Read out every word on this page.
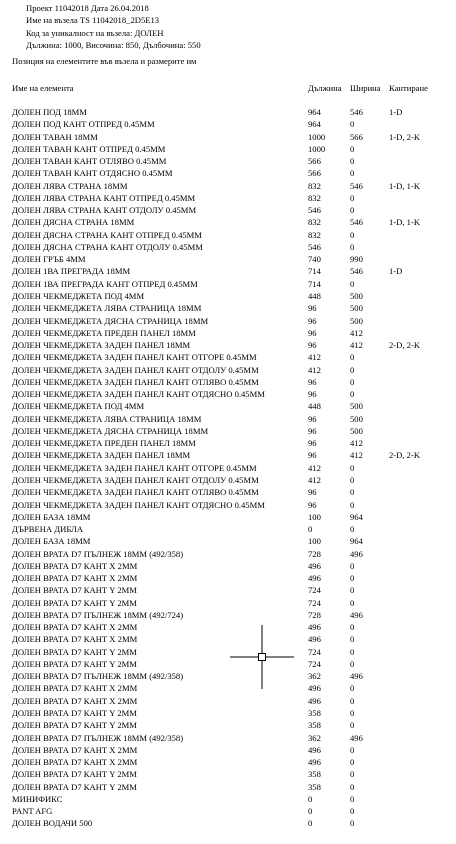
Проект 11042018 Дата 26.04.2018
Име на възела TS 11042018_2D5E13
Код за уникалност на възела: ДОЛЕН
Дължина: 1000, Височина: 850, Дълбочина: 550
Позиция на елементите във възела и размерите им
Име на елемента	Дължина Ширина Кантиране
ДОЛЕН ПОД 18ММ	964	546	1-D
ДОЛЕН ПОД КАНТ ОТПРЕД 0.45ММ	964	0
ДОЛЕН ТАВАН 18ММ	1000	566	1-D, 2-K
ДОЛЕН ТАВАН КАНТ ОТПРЕД 0.45ММ	1000	0
ДОЛЕН ТАВАН КАНТ ОТЛЯВО 0.45ММ	566	0
ДОЛЕН ТАВАН КАНТ ОТДЯСНО 0.45ММ	566	0
ДОЛЕН ЛЯВА СТРАНА 18ММ	832	546	1-D, 1-K
ДОЛЕН ЛЯВА СТРАНА КАНТ ОТПРЕД 0.45ММ	832	0
ДОЛЕН ЛЯВА СТРАНА КАНТ ОТДОЛУ 0.45ММ	546	0
ДОЛЕН ДЯСНА СТРАНА 18ММ	832	546	1-D, 1-K
ДОЛЕН ДЯСНА СТРАНА КАНТ ОТПРЕД 0.45ММ	832	0
ДОЛЕН ДЯСНА СТРАНА КАНТ ОТДОЛУ 0.45ММ	546	0
ДОЛЕН ГРЪБ 4ММ	740	990
ДОЛЕН 1ВА ПРЕГРАДА 18ММ	714	546	1-D
ДОЛЕН 1ВА ПРЕГРАДА КАНТ ОТПРЕД 0.45ММ	714	0
ДОЛЕН ЧЕКМЕДЖЕТА ПОД 4ММ	448	500
ДОЛЕН ЧЕКМЕДЖЕТА ЛЯВА СТРАНИЦА 18ММ	96	500
ДОЛЕН ЧЕКМЕДЖЕТА ДЯСНА СТРАНИЦА 18ММ	96	500
ДОЛЕН ЧЕКМЕДЖЕТА ПРЕДЕН ПАНЕЛ 18ММ	96	412
ДОЛЕН ЧЕКМЕДЖЕТА ЗАДЕН ПАНЕЛ 18ММ	96	412	2-D, 2-K
ДОЛЕН ЧЕКМЕДЖЕТА ЗАДЕН ПАНЕЛ КАНТ ОТГОРЕ 0.45ММ	412	0
ДОЛЕН ЧЕКМЕДЖЕТА ЗАДЕН ПАНЕЛ КАНТ ОТДОЛУ 0.45ММ	412	0
ДОЛЕН ЧЕКМЕДЖЕТА ЗАДЕН ПАНЕЛ КАНТ ОТЛЯВО 0.45ММ	96	0
ДОЛЕН ЧЕКМЕДЖЕТА ЗАДЕН ПАНЕЛ КАНТ ОТДЯСНО 0.45ММ	96	0
ДОЛЕН ЧЕКМЕДЖЕТА ПОД 4ММ	448	500
ДОЛЕН ЧЕКМЕДЖЕТА ЛЯВА СТРАНИЦА 18ММ	96	500
ДОЛЕН ЧЕКМЕДЖЕТА ДЯСНА СТРАНИЦА 18ММ	96	500
ДОЛЕН ЧЕКМЕДЖЕТА ПРЕДЕН ПАНЕЛ 18ММ	96	412
ДОЛЕН ЧЕКМЕДЖЕТА ЗАДЕН ПАНЕЛ 18ММ	96	412	2-D, 2-K
ДОЛЕН ЧЕКМЕДЖЕТА ЗАДЕН ПАНЕЛ КАНТ ОТГОРЕ 0.45ММ	412	0
ДОЛЕН ЧЕКМЕДЖЕТА ЗАДЕН ПАНЕЛ КАНТ ОТДОЛУ 0.45ММ	412	0
ДОЛЕН ЧЕКМЕДЖЕТА ЗАДЕН ПАНЕЛ КАНТ ОТЛЯВО 0.45ММ	96	0
ДОЛЕН ЧЕКМЕДЖЕТА ЗАДЕН ПАНЕЛ КАНТ ОТДЯСНО 0.45ММ	96	0
ДОЛЕН БАЗА 18ММ	100	964
ДЪРВЕНА ДИБЛА	0	0
ДОЛЕН БАЗА 18ММ	100	964
ДОЛЕН ВРАТА D7 ПЪЛНЕЖ 18ММ (492/358)	728	496
ДОЛЕН ВРАТА D7 КАНТ X 2ММ	496	0
ДОЛЕН ВРАТА D7 КАНТ X 2ММ	496	0
ДОЛЕН ВРАТА D7 КАНТ Y 2ММ	724	0
ДОЛЕН ВРАТА D7 КАНТ Y 2ММ	724	0
ДОЛЕН ВРАТА D7 ПЪЛНЕЖ 18ММ (492/724)	728	496
ДОЛЕН ВРАТА D7 КАНТ X 2ММ	496	0
ДОЛЕН ВРАТА D7 КАНТ X 2ММ	496	0
ДОЛЕН ВРАТА D7 КАНТ Y 2ММ	724	0
ДОЛЕН ВРАТА D7 КАНТ Y 2ММ	724	0
ДОЛЕН ВРАТА D7 ПЪЛНЕЖ 18ММ (492/358)	362	496
ДОЛЕН ВРАТА D7 КАНТ X 2ММ	496	0
ДОЛЕН ВРАТА D7 КАНТ X 2ММ	496	0
ДОЛЕН ВРАТА D7 КАНТ Y 2ММ	358	0
ДОЛЕН ВРАТА D7 КАНТ Y 2ММ	358	0
ДОЛЕН ВРАТА D7 ПЪЛНЕЖ 18ММ (492/358)	362	496
ДОЛЕН ВРАТА D7 КАНТ X 2ММ	496	0
ДОЛЕН ВРАТА D7 КАНТ X 2ММ	496	0
ДОЛЕН ВРАТА D7 КАНТ Y 2ММ	358	0
ДОЛЕН ВРАТА D7 КАНТ Y 2ММ	358	0
МИНИФИКС	0	0
PANT AFG	0	0
ДОЛЕН ВОДАЧИ 500	0	0
